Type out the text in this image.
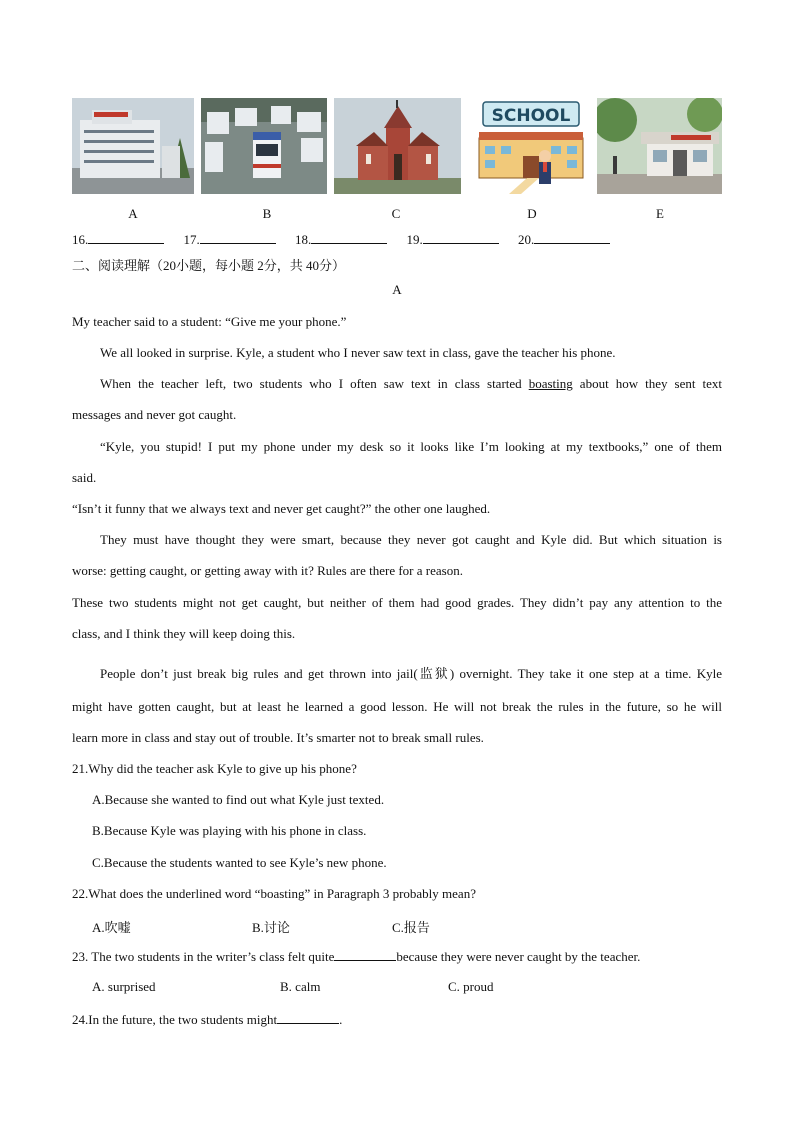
SCHOOL
A	B	C	D	E
16.	17.	18.	19.	20.
二、阅读理解（20小题，每小题 2分，共 40分）
A
My teacher said to a student: “Give me your phone.”
We all looked in surprise. Kyle, a student who I never saw text in class, gave the teacher his phone.
When the teacher left, two students who I often saw text in class started boasting about how they sent text
messages and never got caught.
“Kyle, you stupid! I put my phone under my desk so it looks like I’m looking at my textbooks,” one of them
said.
“Isn’t it funny that we always text and never get caught?” the other one laughed.
They must have thought they were smart, because they never got caught and Kyle did. But which situation is
worse: getting caught, or getting away with it? Rules are there for a reason.
These two students might not get caught, but neither of them had good grades. They didn’t pay any attention to the
class, and I think they will keep doing this.
People don’t just break big rules and get thrown into jail(监狱) overnight. They take it one step at a time. Kyle
might have gotten caught, but at least he learned a good lesson. He will not break the rules in the future, so he will
learn more in class and stay out of trouble. It’s smarter not to break small rules.
21.Why did the teacher ask Kyle to give up his phone?
A.Because she wanted to find out what Kyle just texted.
B.Because Kyle was playing with his phone in class.
C.Because the students wanted to see Kyle’s new phone.
22.What does the underlined word “boasting” in Paragraph 3 probably mean?
A.吹嘘	B.讨论	C.报告
23. The two students in the writer’s class felt quite	because they were never caught by the teacher.
A. surprised	B. calm	C. proud
24.In the future, the two students might	.
